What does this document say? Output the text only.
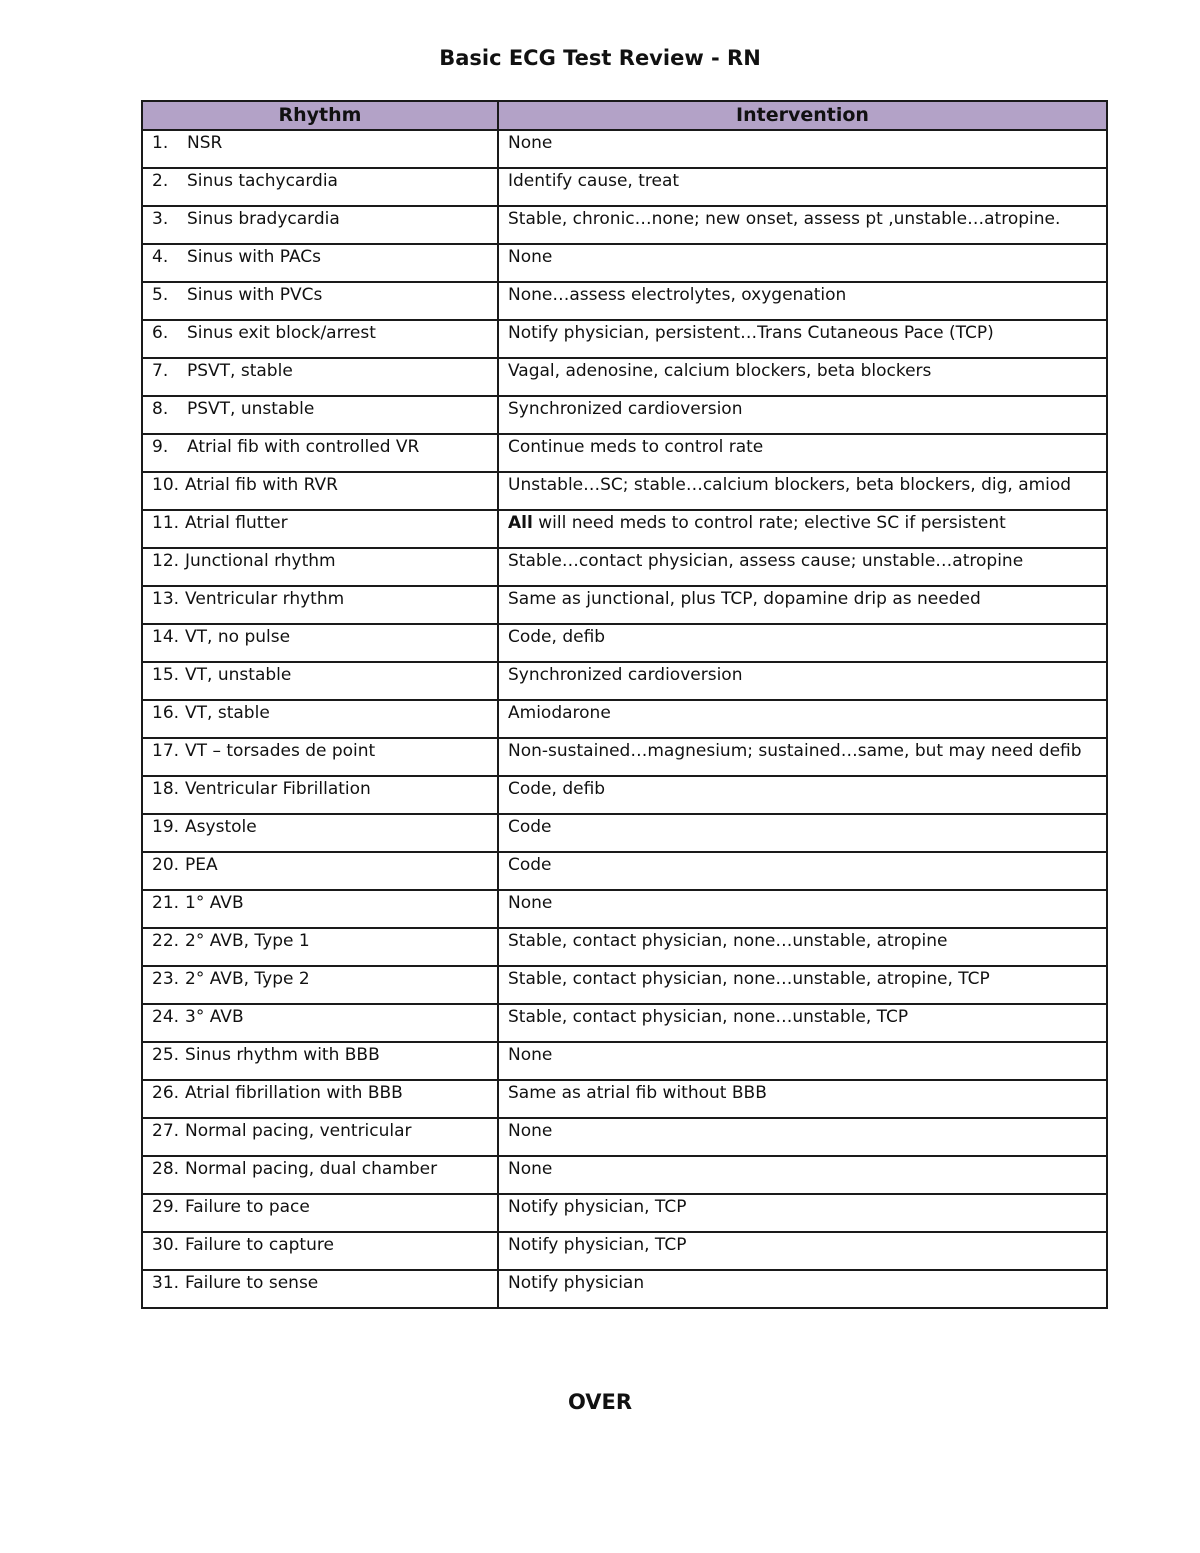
Basic ECG Test Review - RN
Rhythm	Intervention
1. NSR	None
2. Sinus tachycardia	Identify cause, treat
3. Sinus bradycardia	Stable, chronic…none; new onset, assess pt ,unstable…atropine.
4. Sinus with PACs	None
5. Sinus with PVCs	None…assess electrolytes, oxygenation
6. Sinus exit block/arrest	Notify physician, persistent…Trans Cutaneous Pace (TCP)
7. PSVT, stable	Vagal, adenosine, calcium blockers, beta blockers
8. PSVT, unstable	Synchronized cardioversion
9. Atrial fib with controlled VR	Continue meds to control rate
10. Atrial fib with RVR	Unstable…SC; stable…calcium blockers, beta blockers, dig, amiod
11. Atrial flutter	All will need meds to control rate; elective SC if persistent
12. Junctional rhythm	Stable…contact physician, assess cause; unstable…atropine
13. Ventricular rhythm	Same as junctional, plus TCP, dopamine drip as needed
14. VT, no pulse	Code, defib
15. VT, unstable	Synchronized cardioversion
16. VT, stable	Amiodarone
17. VT – torsades de point	Non-sustained…magnesium; sustained…same, but may need defib
18. Ventricular Fibrillation	Code, defib
19. Asystole	Code
20. PEA	Code
21. 1° AVB	None
22. 2° AVB, Type 1	Stable, contact physician, none…unstable, atropine
23. 2° AVB, Type 2	Stable, contact physician, none…unstable, atropine, TCP
24. 3° AVB	Stable, contact physician, none…unstable, TCP
25. Sinus rhythm with BBB	None
26. Atrial fibrillation with BBB	Same as atrial fib without BBB
27. Normal pacing, ventricular	None
28. Normal pacing, dual chamber	None
29. Failure to pace	Notify physician, TCP
30. Failure to capture	Notify physician, TCP
31. Failure to sense	Notify physician
OVER
